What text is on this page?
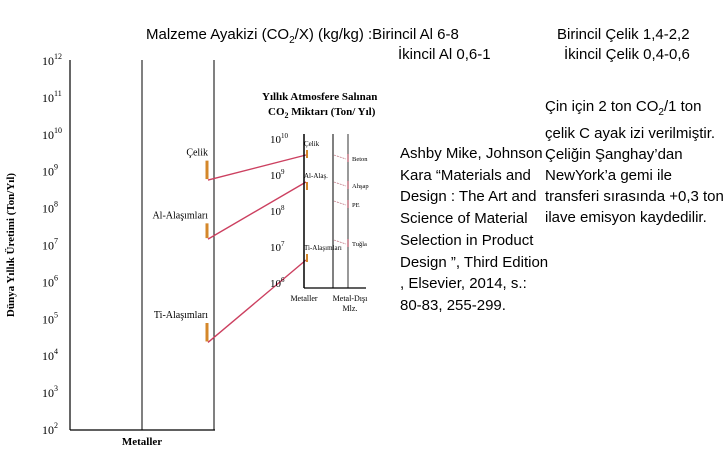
Malzeme Ayakizi $(CO_2/X)$ (kg/kg) :Birincil Al 6-8	Birincil Çelik 1,4-2,2
İkincil Al 0,6-1	İkincil Çelik 0,4-0,6
Ashby Mike, Johnson Kara “Materials and Design : The Art and Science of Material Selection in Product Design ”, Third Edition , Elsevier, 2014, s.: 80-83, 255-299.
Çin için 2 ton $CO_2/1$ ton çelik C ayak izi verilmiştir. Çeliğin Şanghay’dan NewYork’a gemi ile transferi sırasında +0,3 ton ilave emisyon kaydedilir.
$10^{12}$
$10^{11}$
$10^{10}$
$10^9$
$10^8$
$10^7$
$10^6$
$10^5$
$10^4$
$10^3$
$10^2$
Çelik
Al-Alaşımları
Ti-Alaşımları
Dünya Yıllık Üretimi (Ton/Yıl)
Metaller
Yıllık Atmosfere Salınan
$CO_2$ Miktarı (Ton/ Yıl)
$10^{10}$
$10^9$
$10^8$
$10^7$
$10^6$
Çelik
Al-Alaş.
Ti-Alaşımları
Beton
Ahşap
PE
Tuğla
Metaller Metal-Dışı
Mlz.
